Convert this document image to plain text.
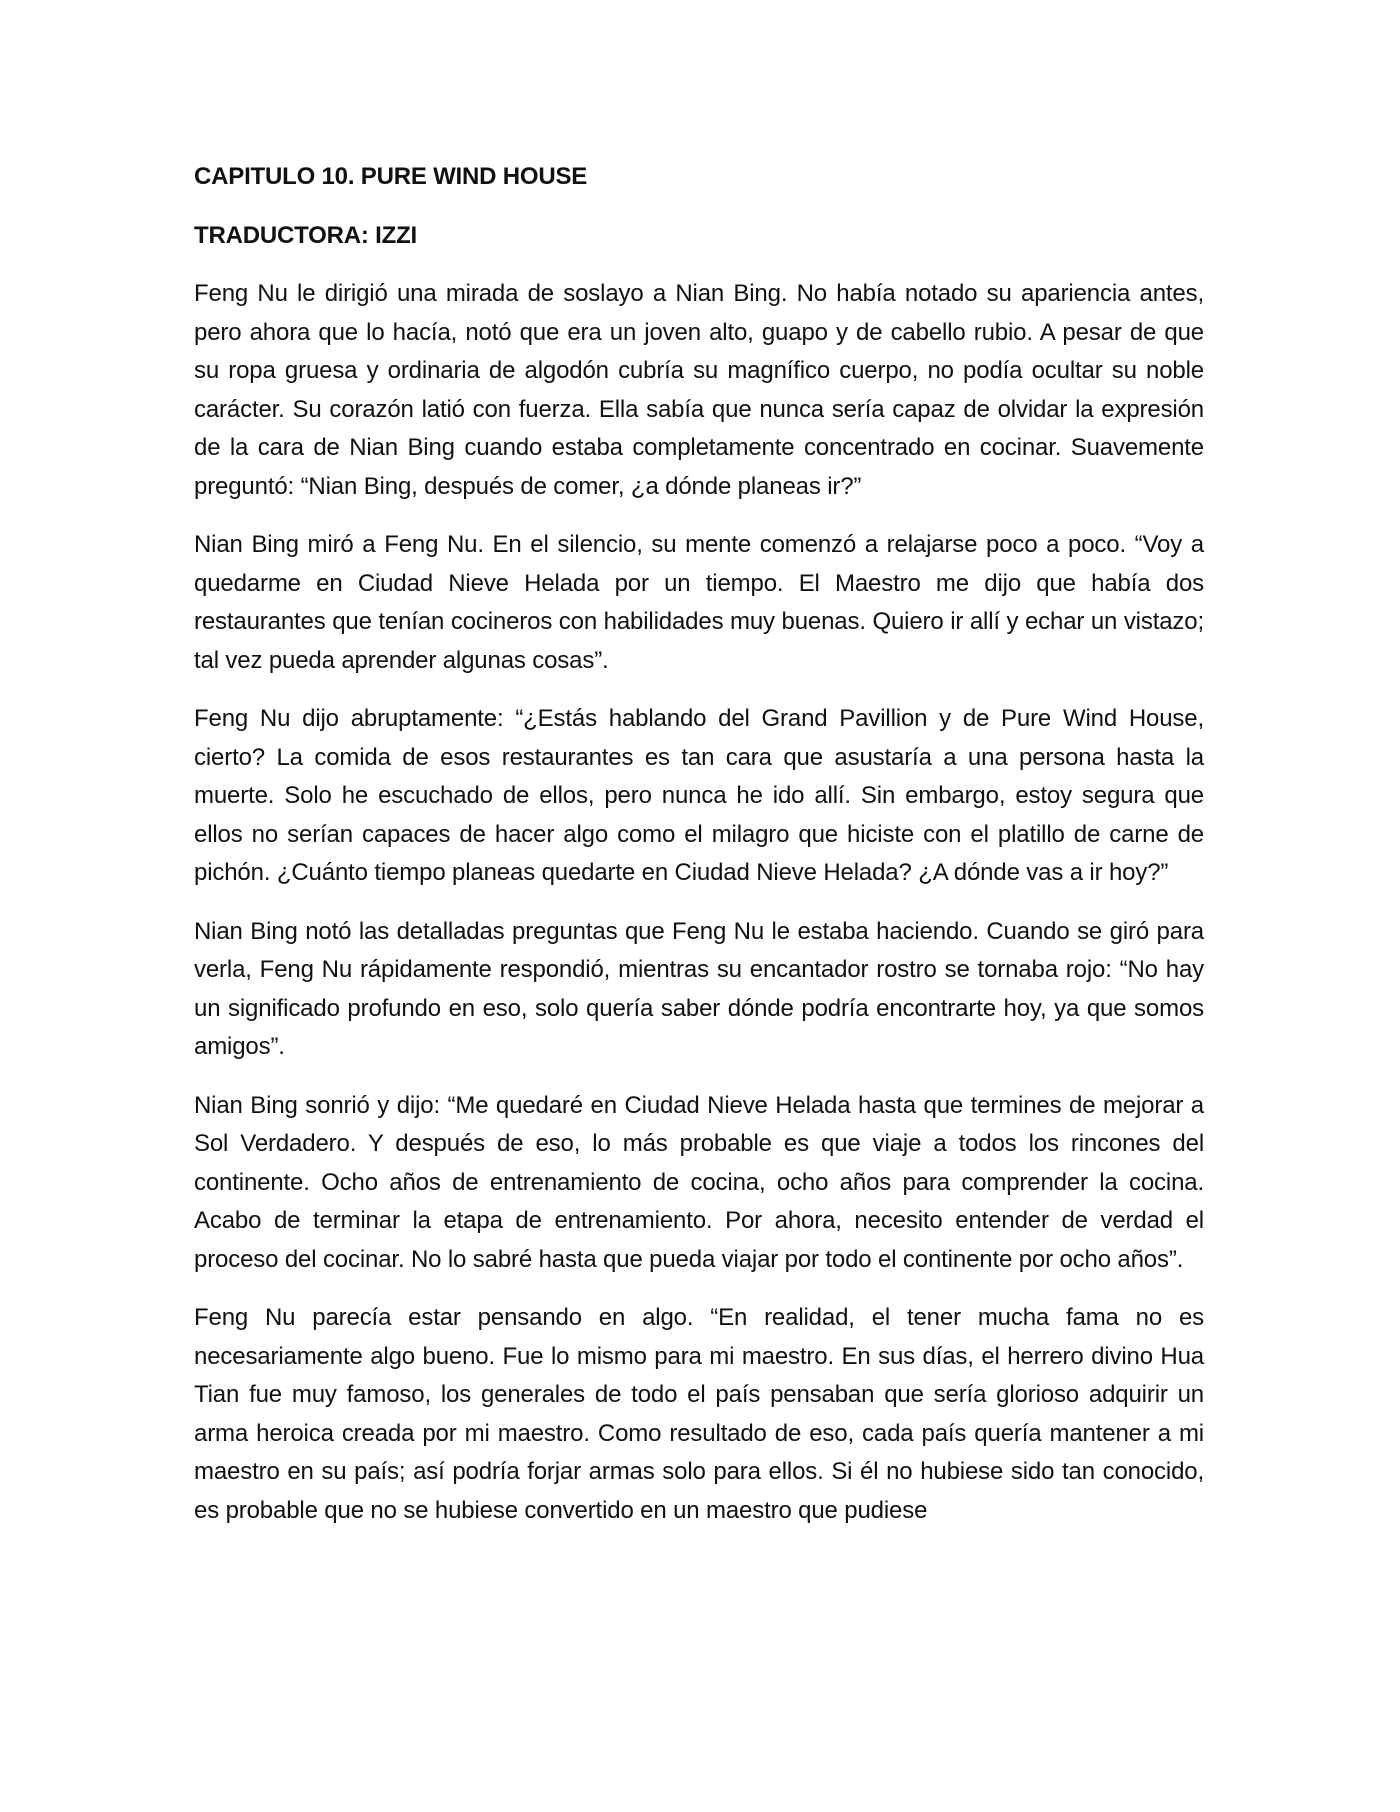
CAPITULO 10. PURE WIND HOUSE
TRADUCTORA: IZZI

Feng Nu le dirigió una mirada de soslayo a Nian Bing. No había notado su apariencia antes, pero ahora que lo hacía, notó que era un joven alto, guapo y de cabello rubio. A pesar de que su ropa gruesa y ordinaria de algodón cubría su magnífico cuerpo, no podía ocultar su noble carácter. Su corazón latió con fuerza. Ella sabía que nunca sería capaz de olvidar la expresión de la cara de Nian Bing cuando estaba completamente concentrado en cocinar. Suavemente preguntó: “Nian Bing, después de comer, ¿a dónde planeas ir?”

Nian Bing miró a Feng Nu. En el silencio, su mente comenzó a relajarse poco a poco. “Voy a quedarme en Ciudad Nieve Helada por un tiempo. El Maestro me dijo que había dos restaurantes que tenían cocineros con habilidades muy buenas. Quiero ir allí y echar un vistazo; tal vez pueda aprender algunas cosas”.

Feng Nu dijo abruptamente: “¿Estás hablando del Grand Pavillion y de Pure Wind House, cierto? La comida de esos restaurantes es tan cara que asustaría a una persona hasta la muerte. Solo he escuchado de ellos, pero nunca he ido allí. Sin embargo, estoy segura que ellos no serían capaces de hacer algo como el milagro que hiciste con el platillo de carne de pichón. ¿Cuánto tiempo planeas quedarte en Ciudad Nieve Helada? ¿A dónde vas a ir hoy?”

Nian Bing notó las detalladas preguntas que Feng Nu le estaba haciendo. Cuando se giró para verla, Feng Nu rápidamente respondió, mientras su encantador rostro se tornaba rojo: “No hay un significado profundo en eso, solo quería saber dónde podría encontrarte hoy, ya que somos amigos”.

Nian Bing sonrió y dijo: “Me quedaré en Ciudad Nieve Helada hasta que termines de mejorar a Sol Verdadero. Y después de eso, lo más probable es que viaje a todos los rincones del continente. Ocho años de entrenamiento de cocina, ocho años para comprender la cocina. Acabo de terminar la etapa de entrenamiento. Por ahora, necesito entender de verdad el proceso del cocinar. No lo sabré hasta que pueda viajar por todo el continente por ocho años”.

Feng Nu parecía estar pensando en algo. “En realidad, el tener mucha fama no es necesariamente algo bueno. Fue lo mismo para mi maestro. En sus días, el herrero divino Hua Tian fue muy famoso, los generales de todo el país pensaban que sería glorioso adquirir un arma heroica creada por mi maestro. Como resultado de eso, cada país quería mantener a mi maestro en su país; así podría forjar armas solo para ellos. Si él no hubiese sido tan conocido, es probable que no se hubiese convertido en un maestro que pudiese
